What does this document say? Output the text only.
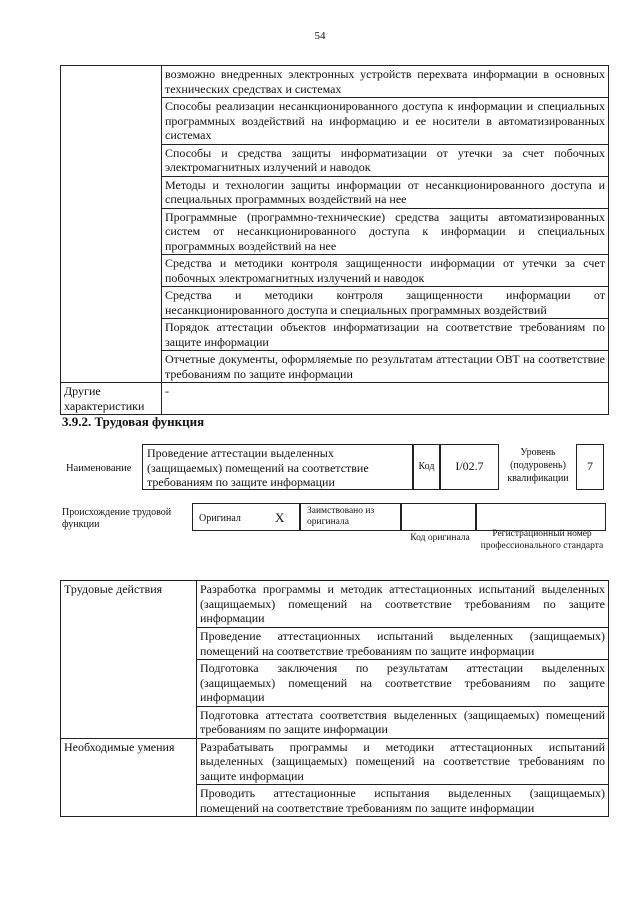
54
	возможно внедренных электронных устройств перехвата информации в основных технических средствах и системах
	Способы реализации несанкционированного доступа к информации и специальных программных воздействий на информацию и ее носители в автоматизированных системах
	Способы и средства защиты информатизации от утечки за счет побочных электромагнитных излучений и наводок
	Методы и технологии защиты информации от несанкционированного доступа и специальных программных воздействий на нее
	Программные (программно-технические) средства защиты автоматизированных систем от несанкционированного доступа к информации и специальных программных воздействий на нее
	Средства и методики контроля защищенности информации от утечки за счет побочных электромагнитных излучений и наводок
	Средства и методики контроля защищенности информации от несанкционированного доступа и специальных программных воздействий
	Порядок аттестации объектов информатизации на соответствие требованиям по защите информации
	Отчетные документы, оформляемые по результатам аттестации ОВТ на соответствие требованиям по защите информации
Другие характеристики	-
3.9.2. Трудовая функция
Наименование
Проведение аттестации выделенных (защищаемых) помещений на соответствие требованиям по защите информации
Код	I/02.7
Уровень (подуровень) квалификации
7
Происхождение трудовой функции
Оригинал	X	Заимствовано из оригинала
Код оригинала	Регистрационный номер профессионального стандарта
Трудовые действия	Разработка программы и методик аттестационных испытаний выделенных (защищаемых) помещений на соответствие требованиям по защите информации
	Проведение аттестационных испытаний выделенных (защищаемых) помещений на соответствие требованиям по защите информации
	Подготовка заключения по результатам аттестации выделенных (защищаемых) помещений на соответствие требованиям по защите информации
	Подготовка аттестата соответствия выделенных (защищаемых) помещений требованиям по защите информации
Необходимые умения	Разрабатывать программы и методики аттестационных испытаний выделенных (защищаемых) помещений на соответствие требованиям по защите информации
	Проводить аттестационные испытания выделенных (защищаемых) помещений на соответствие требованиям по защите информации
